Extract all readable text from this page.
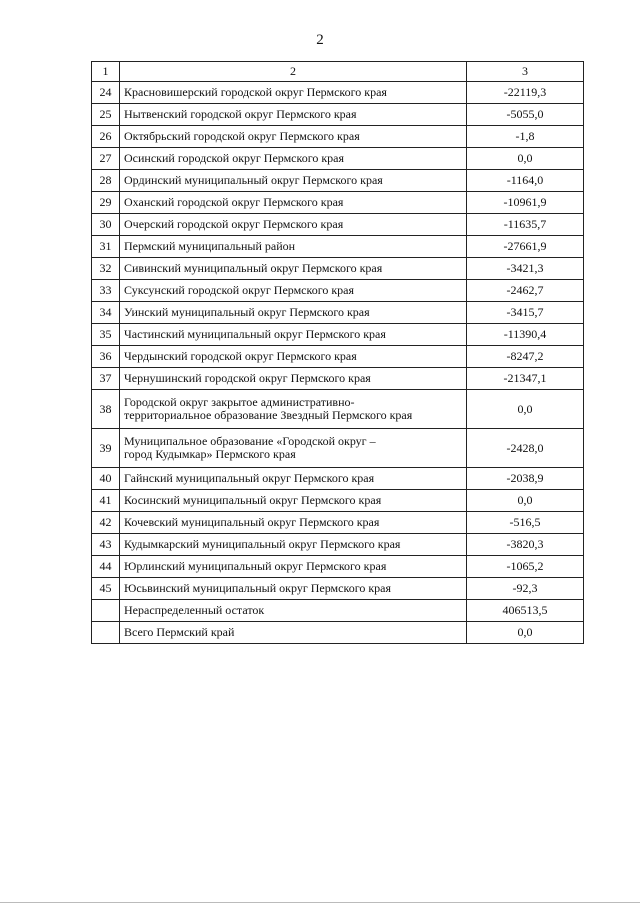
2
1	2	3
24	Красновишерский городской округ Пермского края	-22119,3
25	Нытвенский городской округ Пермского края	-5055,0
26	Октябрьский городской округ Пермского края	-1,8
27	Осинский городской округ Пермского края	0,0
28	Ординский муниципальный округ Пермского края	-1164,0
29	Оханский городской округ Пермского края	-10961,9
30	Очерский городской округ Пермского края	-11635,7
31	Пермский муниципальный район	-27661,9
32	Сивинский муниципальный округ Пермского края	-3421,3
33	Суксунский городской округ Пермского края	-2462,7
34	Уинский муниципальный округ Пермского края	-3415,7
35	Частинский муниципальный округ Пермского края	-11390,4
36	Чердынский городской округ Пермского края	-8247,2
37	Чернушинский городской округ Пермского края	-21347,1
38	Городской округ закрытое административно-
территориальное образование Звездный Пермского края	0,0
39	Муниципальное образование «Городской округ –
город Кудымкар» Пермского края	-2428,0
40	Гайнский муниципальный округ Пермского края	-2038,9
41	Косинский муниципальный округ Пермского края	0,0
42	Кочевский муниципальный округ Пермского края	-516,5
43	Кудымкарский муниципальный округ Пермского края	-3820,3
44	Юрлинский муниципальный округ Пермского края	-1065,2
45	Юсьвинский муниципальный округ Пермского края	-92,3
	Нераспределенный остаток	406513,5
	Всего Пермский край	0,0
